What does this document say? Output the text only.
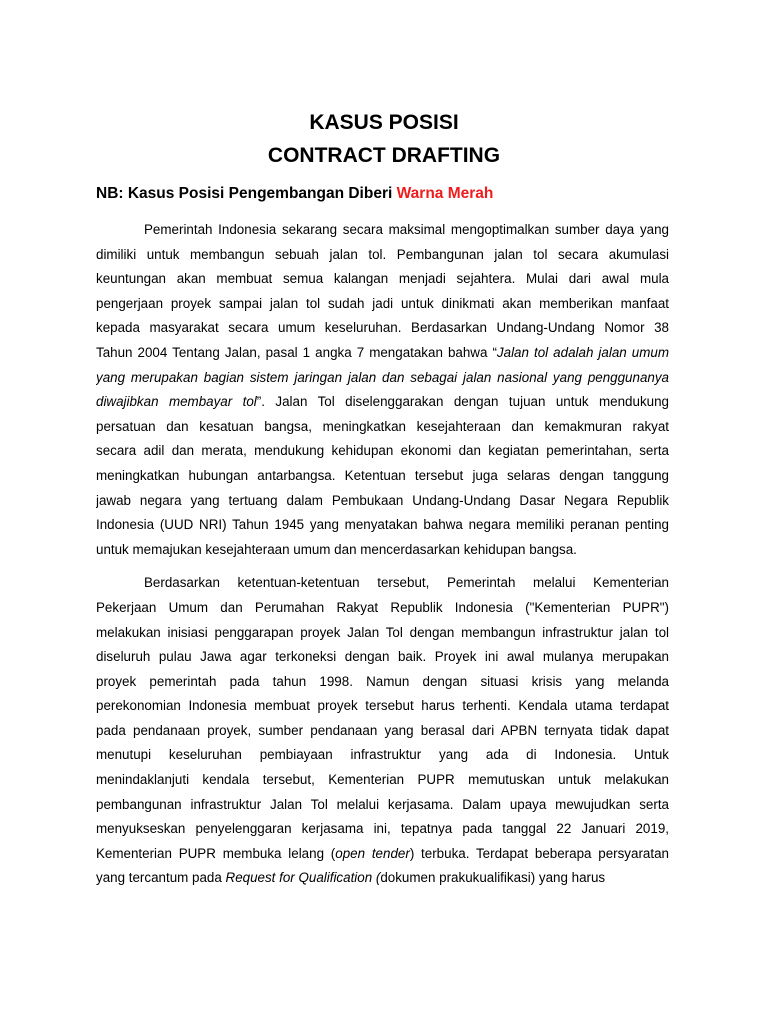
KASUS POSISI
CONTRACT DRAFTING
NB: Kasus Posisi Pengembangan Diberi Warna Merah
Pemerintah Indonesia sekarang secara maksimal mengoptimalkan sumber daya yang
dimiliki untuk membangun sebuah jalan tol. Pembangunan jalan tol secara akumulasi
keuntungan akan membuat semua kalangan menjadi sejahtera. Mulai dari awal mula
pengerjaan proyek sampai jalan tol sudah jadi untuk dinikmati akan memberikan manfaat
kepada masyarakat secara umum keseluruhan. Berdasarkan Undang-Undang Nomor 38
Tahun 2004 Tentang Jalan, pasal 1 angka 7 mengatakan bahwa “Jalan tol adalah jalan umum
yang merupakan bagian sistem jaringan jalan dan sebagai jalan nasional yang penggunanya
diwajibkan membayar tol”. Jalan Tol diselenggarakan dengan tujuan untuk mendukung
persatuan dan kesatuan bangsa, meningkatkan kesejahteraan dan kemakmuran rakyat
secara adil dan merata, mendukung kehidupan ekonomi dan kegiatan pemerintahan, serta
meningkatkan hubungan antarbangsa. Ketentuan tersebut juga selaras dengan tanggung
jawab negara yang tertuang dalam Pembukaan Undang-Undang Dasar Negara Republik
Indonesia (UUD NRI) Tahun 1945 yang menyatakan bahwa negara memiliki peranan penting
untuk memajukan kesejahteraan umum dan mencerdasarkan kehidupan bangsa.
Berdasarkan ketentuan-ketentuan tersebut, Pemerintah melalui Kementerian
Pekerjaan Umum dan Perumahan Rakyat Republik Indonesia ("Kementerian PUPR")
melakukan inisiasi penggarapan proyek Jalan Tol dengan membangun infrastruktur jalan tol
diseluruh pulau Jawa agar terkoneksi dengan baik. Proyek ini awal mulanya merupakan
proyek pemerintah pada tahun 1998. Namun dengan situasi krisis yang melanda
perekonomian Indonesia membuat proyek tersebut harus terhenti. Kendala utama terdapat
pada pendanaan proyek, sumber pendanaan yang berasal dari APBN ternyata tidak dapat
menutupi keseluruhan pembiayaan infrastruktur yang ada di Indonesia. Untuk
menindaklanjuti kendala tersebut, Kementerian PUPR memutuskan untuk melakukan
pembangunan infrastruktur Jalan Tol melalui kerjasama. Dalam upaya mewujudkan serta
menyukseskan penyelenggaran kerjasama ini, tepatnya pada tanggal 22 Januari 2019,
Kementerian PUPR membuka lelang (open tender) terbuka. Terdapat beberapa persyaratan
yang tercantum pada Request for Qualification (dokumen prakukualifikasi) yang harus
